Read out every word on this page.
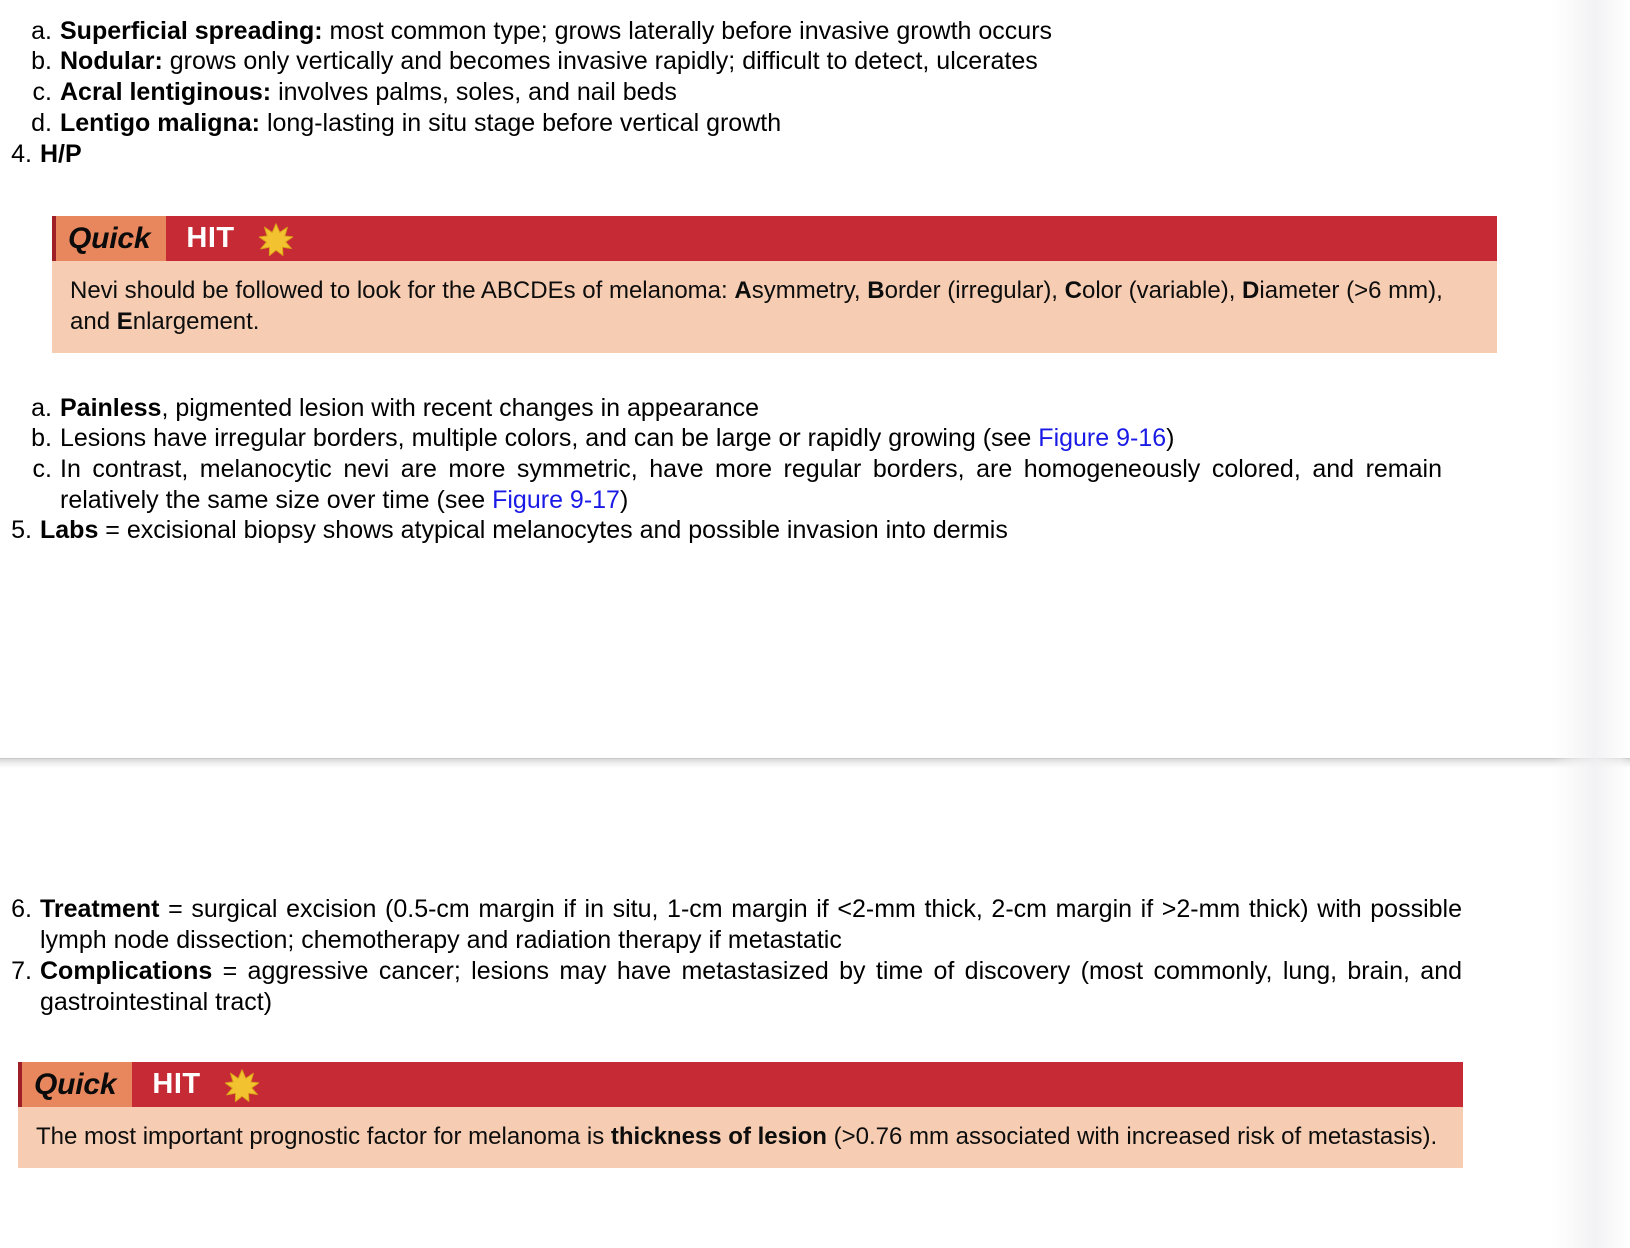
a. Superficial spreading: most common type; grows laterally before invasive growth occurs
b. Nodular: grows only vertically and becomes invasive rapidly; difficult to detect, ulcerates
c. Acral lentiginous: involves palms, soles, and nail beds
d. Lentigo maligna: long-lasting in situ stage before vertical growth
4. H/P
Quick	HIT
Nevi should be followed to look for the ABCDEs of melanoma: Asymmetry, Border (irregular), Color (variable), Diameter (>6 mm), and Enlargement.
a. Painless, pigmented lesion with recent changes in appearance
b. Lesions have irregular borders, multiple colors, and can be large or rapidly growing (see Figure 9-16)
c. In contrast, melanocytic nevi are more symmetric, have more regular borders, are homogeneously colored, and remain relatively the same size over time (see Figure 9-17)
5. Labs = excisional biopsy shows atypical melanocytes and possible invasion into dermis
6. Treatment = surgical excision (0.5-cm margin if in situ, 1-cm margin if <2-mm thick, 2-cm margin if >2-mm thick) with possible lymph node dissection; chemotherapy and radiation therapy if metastatic
7. Complications = aggressive cancer; lesions may have metastasized by time of discovery (most commonly, lung, brain, and gastrointestinal tract)
Quick	HIT
The most important prognostic factor for melanoma is thickness of lesion (>0.76 mm associated with increased risk of metastasis).
